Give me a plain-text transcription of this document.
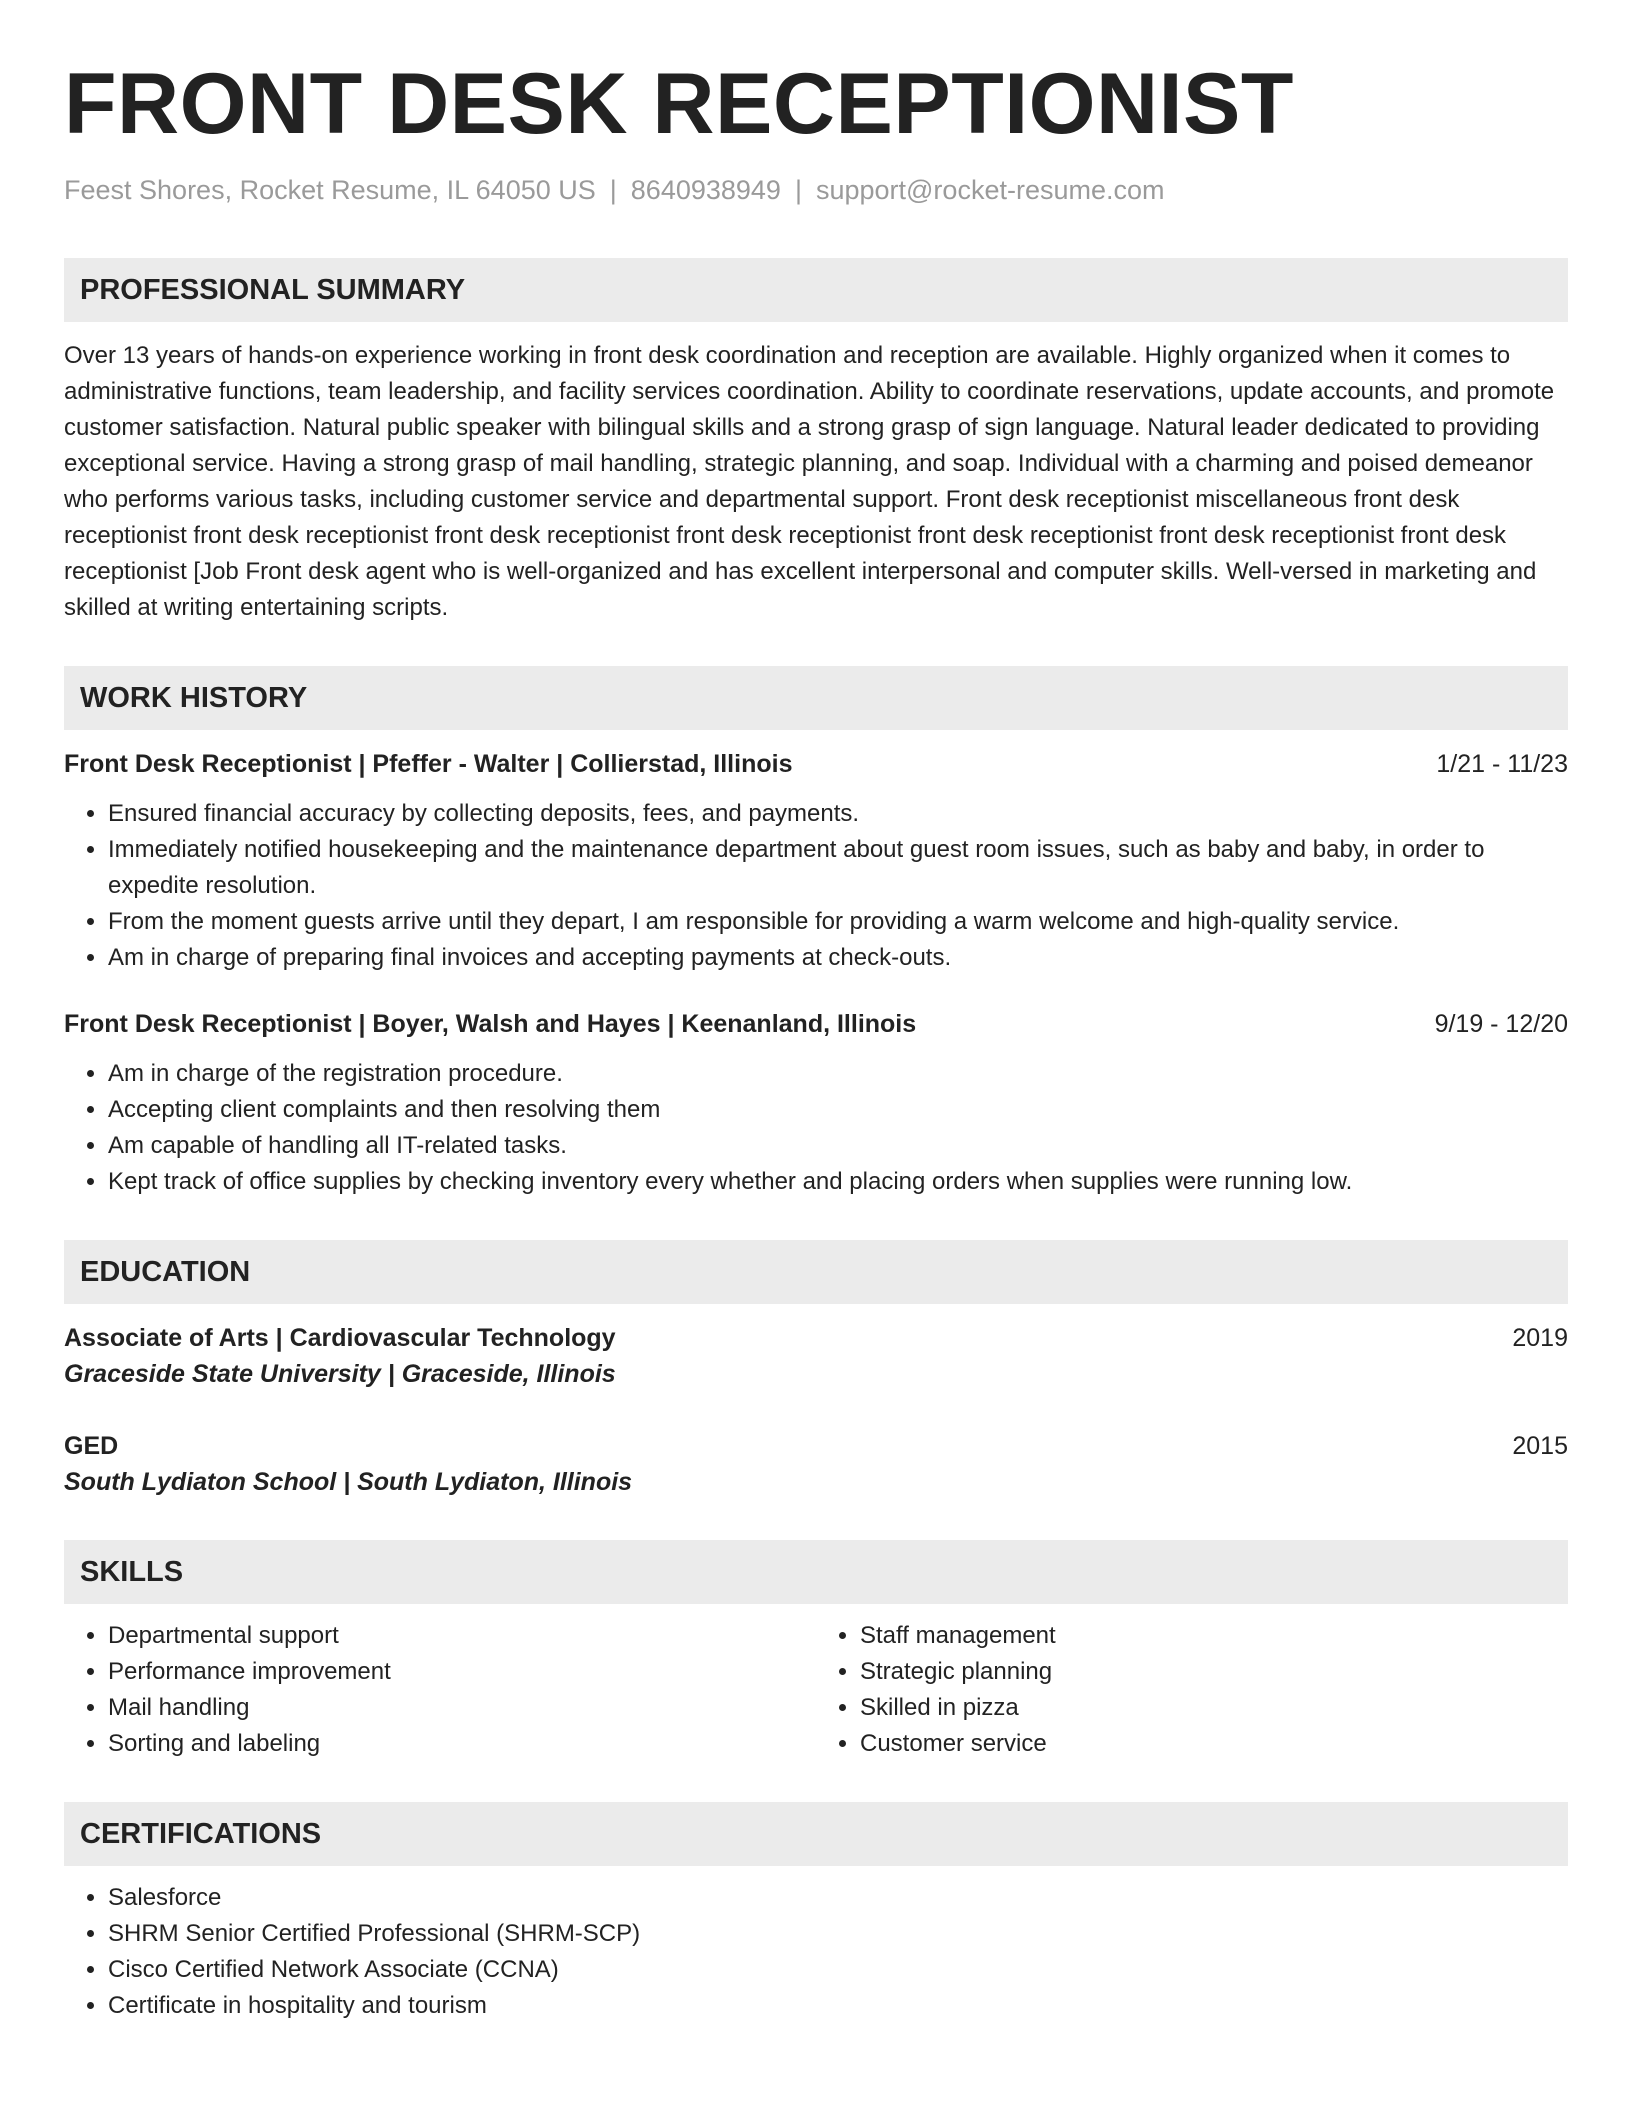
FRONT DESK RECEPTIONIST
Feest Shores, Rocket Resume, IL 64050 US | 8640938949 | support@rocket-resume.com
PROFESSIONAL SUMMARY
Over 13 years of hands-on experience working in front desk coordination and reception are available. Highly organized when it comes to administrative functions, team leadership, and facility services coordination. Ability to coordinate reservations, update accounts, and promote customer satisfaction. Natural public speaker with bilingual skills and a strong grasp of sign language. Natural leader dedicated to providing exceptional service. Having a strong grasp of mail handling, strategic planning, and soap. Individual with a charming and poised demeanor who performs various tasks, including customer service and departmental support. Front desk receptionist miscellaneous front desk receptionist front desk receptionist front desk receptionist front desk receptionist front desk receptionist front desk receptionist front desk receptionist [Job Front desk agent who is well-organized and has excellent interpersonal and computer skills. Well-versed in marketing and skilled at writing entertaining scripts.
WORK HISTORY
Front Desk Receptionist | Pfeffer - Walter | Collierstad, Illinois	1/21 - 11/23
• Ensured financial accuracy by collecting deposits, fees, and payments.
• Immediately notified housekeeping and the maintenance department about guest room issues, such as baby and baby, in order to expedite resolution.
• From the moment guests arrive until they depart, I am responsible for providing a warm welcome and high-quality service.
• Am in charge of preparing final invoices and accepting payments at check-outs.
Front Desk Receptionist | Boyer, Walsh and Hayes | Keenanland, Illinois	9/19 - 12/20
• Am in charge of the registration procedure.
• Accepting client complaints and then resolving them
• Am capable of handling all IT-related tasks.
• Kept track of office supplies by checking inventory every whether and placing orders when supplies were running low.
EDUCATION
Associate of Arts | Cardiovascular Technology	2019
Graceside State University | Graceside, Illinois
GED	2015
South Lydiaton School | South Lydiaton, Illinois
SKILLS
• Departmental support
• Performance improvement
• Mail handling
• Sorting and labeling
• Staff management
• Strategic planning
• Skilled in pizza
• Customer service
CERTIFICATIONS
• Salesforce
• SHRM Senior Certified Professional (SHRM-SCP)
• Cisco Certified Network Associate (CCNA)
• Certificate in hospitality and tourism
